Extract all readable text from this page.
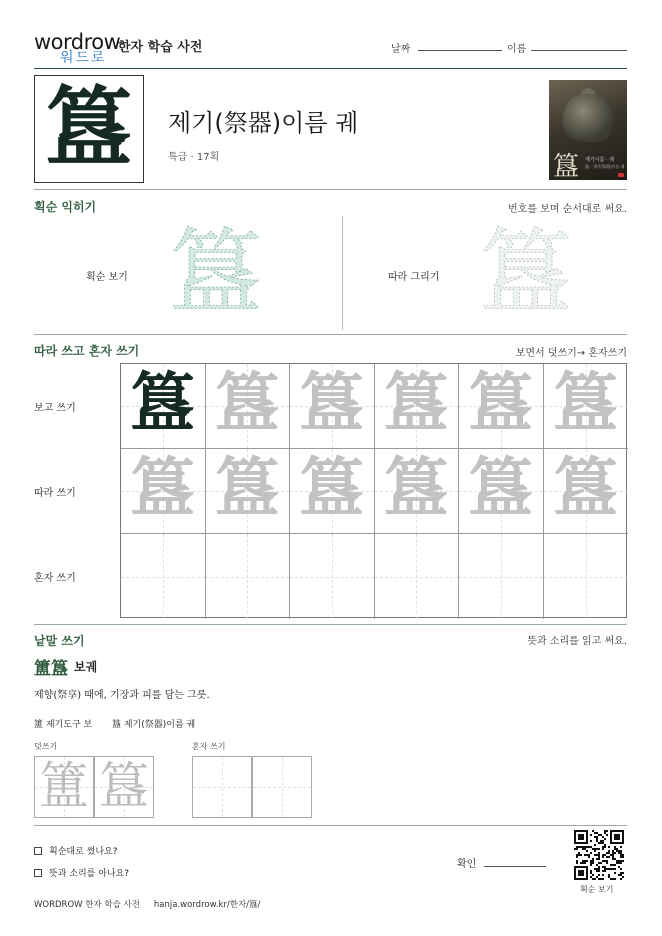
wordrow
워드로
한자 학습 사전	날짜	이름
簋	제기(祭器)이름 궤
특급 · 17획	簋 제기이름 · 궤
簋 · 제기(祭器)이름 궤
획순 익히기	번호를 보며 순서대로 써요.
획순 보기 簋	따라 그리기 簋
따라 쓰고 혼자 쓰기	보면서 덧쓰기→ 혼자쓰기
보고 쓰기
따라 쓰기
혼자 쓰기
簋 簋 簋 簋 簋 簋
簋 簋 簋 簋 簋 簋
낱말 쓰기	뜻과 소리를 읽고 써요.
簠簋 보궤
제향(祭享) 때에, 기장과 피를 담는 그릇.
簠 제기도구 보 簋 제기(祭器)이름 궤
덧쓰기	혼자 쓰기
簠 簋
획순대로 썼나요?
뜻과 소리를 아나요?
확인
획순 보기
WORDROW 한자 학습 사전 hanja.wordrow.kr/한자/簋/
